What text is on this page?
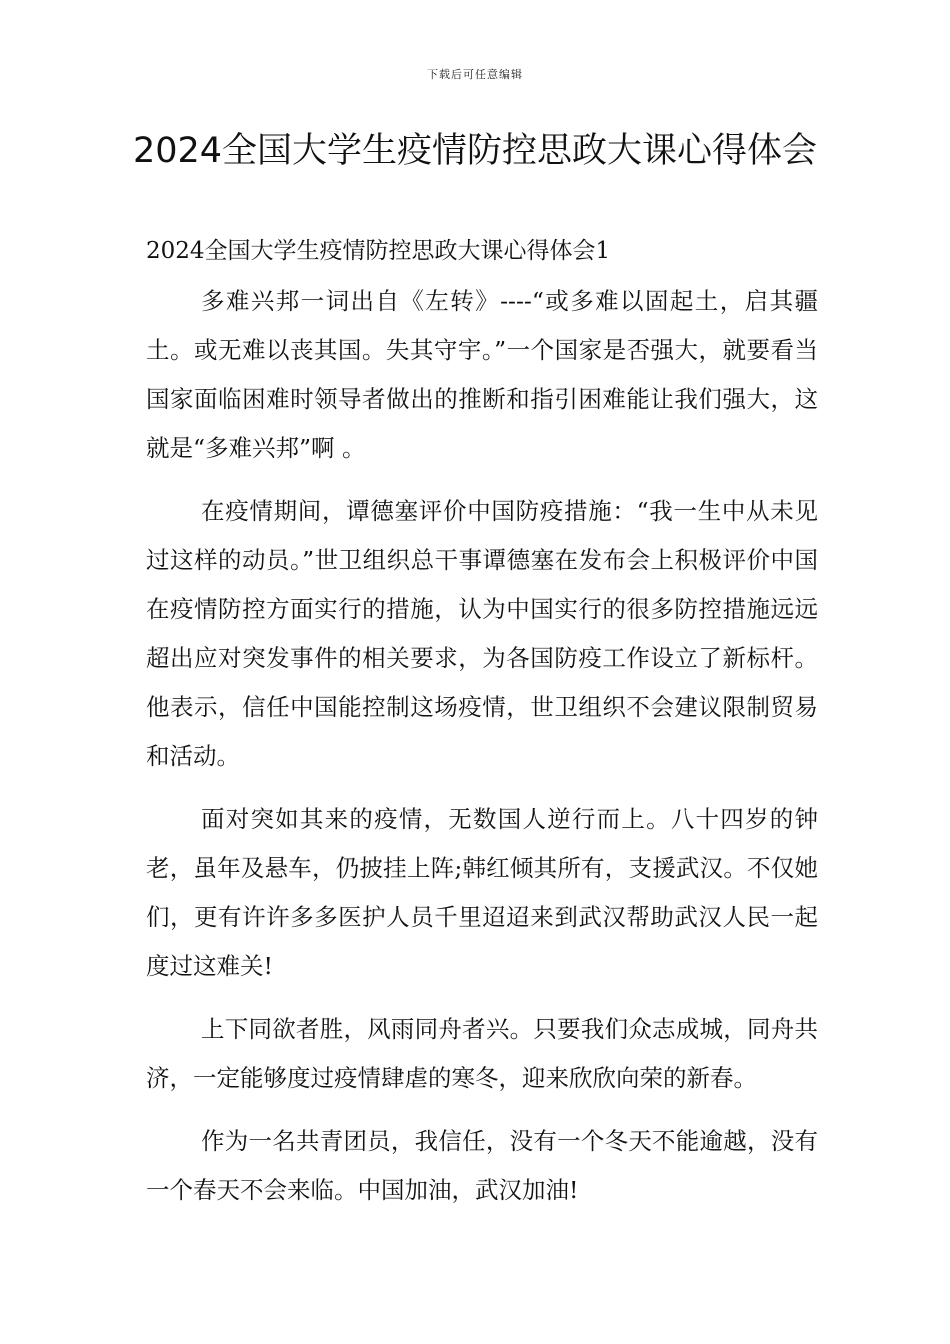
下载后可任意编辑
2024全国大学生疫情防控思政大课心得体会

2024全国大学生疫情防控思政大课心得体会1

多难兴邦一词出自《左转》----“或多难以固起土，启其疆土。或无难以丧其国。失其守宇。”一个国家是否强大，就要看当国家面临困难时领导者做出的推断和指引困难能让我们强大，这就是“多难兴邦”啊 。

在疫情期间，谭德塞评价中国防疫措施：“我一生中从未见过这样的动员。”世卫组织总干事谭德塞在发布会上积极评价中国在疫情防控方面实行的措施，认为中国实行的很多防控措施远远超出应对突发事件的相关要求，为各国防疫工作设立了新标杆。他表示，信任中国能控制这场疫情，世卫组织不会建议限制贸易和活动。

面对突如其来的疫情，无数国人逆行而上。八十四岁的钟老，虽年及悬车，仍披挂上阵;韩红倾其所有，支援武汉。不仅她们，更有许许多多医护人员千里迢迢来到武汉帮助武汉人民一起度过这难关!

上下同欲者胜，风雨同舟者兴。只要我们众志成城，同舟共济，一定能够度过疫情肆虐的寒冬，迎来欣欣向荣的新春。

作为一名共青团员，我信任，没有一个冬天不能逾越，没有一个春天不会来临。中国加油，武汉加油!
